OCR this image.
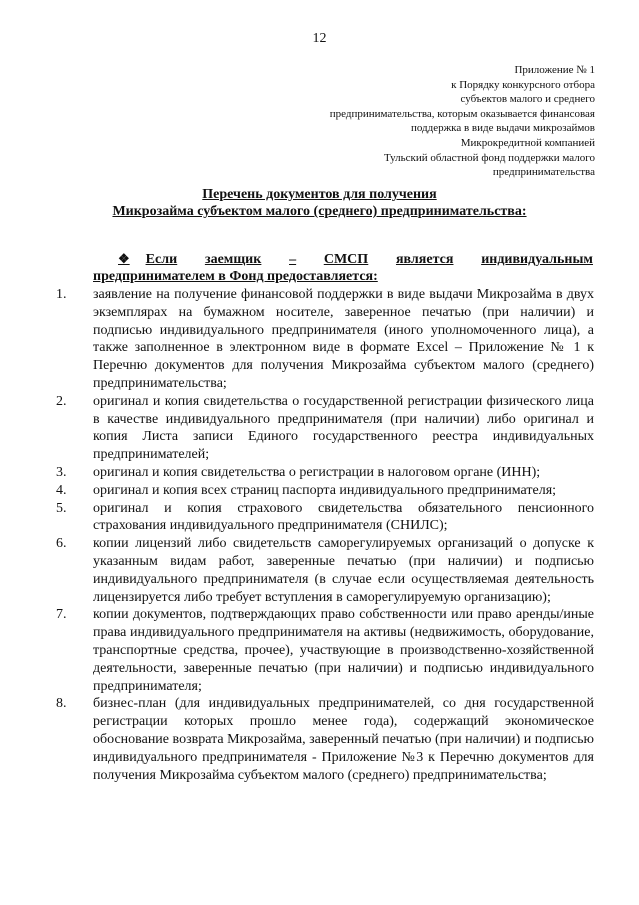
12
Приложение № 1
к Порядку конкурсного отбора
субъектов малого и среднего
предпринимательства, которым оказывается финансовая
поддержка в виде выдачи микрозаймов
Микрокредитной компанией
Тульский областной фонд поддержки малого
предпринимательства
Перечень документов для получения
Микрозайма субъектом малого (среднего) предпринимательства:
❖ Если заемщик – СМСП является индивидуальным
предпринимателем в Фонд предоставляется:
1.	заявление на получение финансовой поддержки в виде выдачи Микрозайма в двух экземплярах на бумажном носителе, заверенное печатью (при наличии) и подписью индивидуального предпринимателя (иного уполномоченного лица), а также заполненное в электронном виде в формате Excel – Приложение № 1 к Перечню документов для получения Микрозайма субъектом малого (среднего) предпринимательства;
2.	оригинал и копия свидетельства о государственной регистрации физического лица в качестве индивидуального предпринимателя (при наличии) либо оригинал и копия Листа записи Единого государственного реестра индивидуальных предпринимателей;
3.	оригинал и копия свидетельства о регистрации в налоговом органе (ИНН);
4.	оригинал и копия всех страниц паспорта индивидуального предпринимателя;
5.	оригинал и копия страхового свидетельства обязательного пенсионного страхования индивидуального предпринимателя (СНИЛС);
6.	копии лицензий либо свидетельств саморегулируемых организаций о допуске к указанным видам работ, заверенные печатью (при наличии) и подписью индивидуального предпринимателя (в случае если осуществляемая деятельность лицензируется либо требует вступления в саморегулируемую организацию);
7.	копии документов, подтверждающих право собственности или право аренды/иные права индивидуального предпринимателя на активы (недвижимость, оборудование, транспортные средства, прочее), участвующие в производственно-хозяйственной деятельности, заверенные печатью (при наличии) и подписью индивидуального предпринимателя;
8.	бизнес-план (для индивидуальных предпринимателей, со дня государственной регистрации которых прошло менее года), содержащий экономическое обоснование возврата Микрозайма, заверенный печатью (при наличии) и подписью индивидуального предпринимателя - Приложение №3 к Перечню документов для получения Микрозайма субъектом малого (среднего) предпринимательства;
